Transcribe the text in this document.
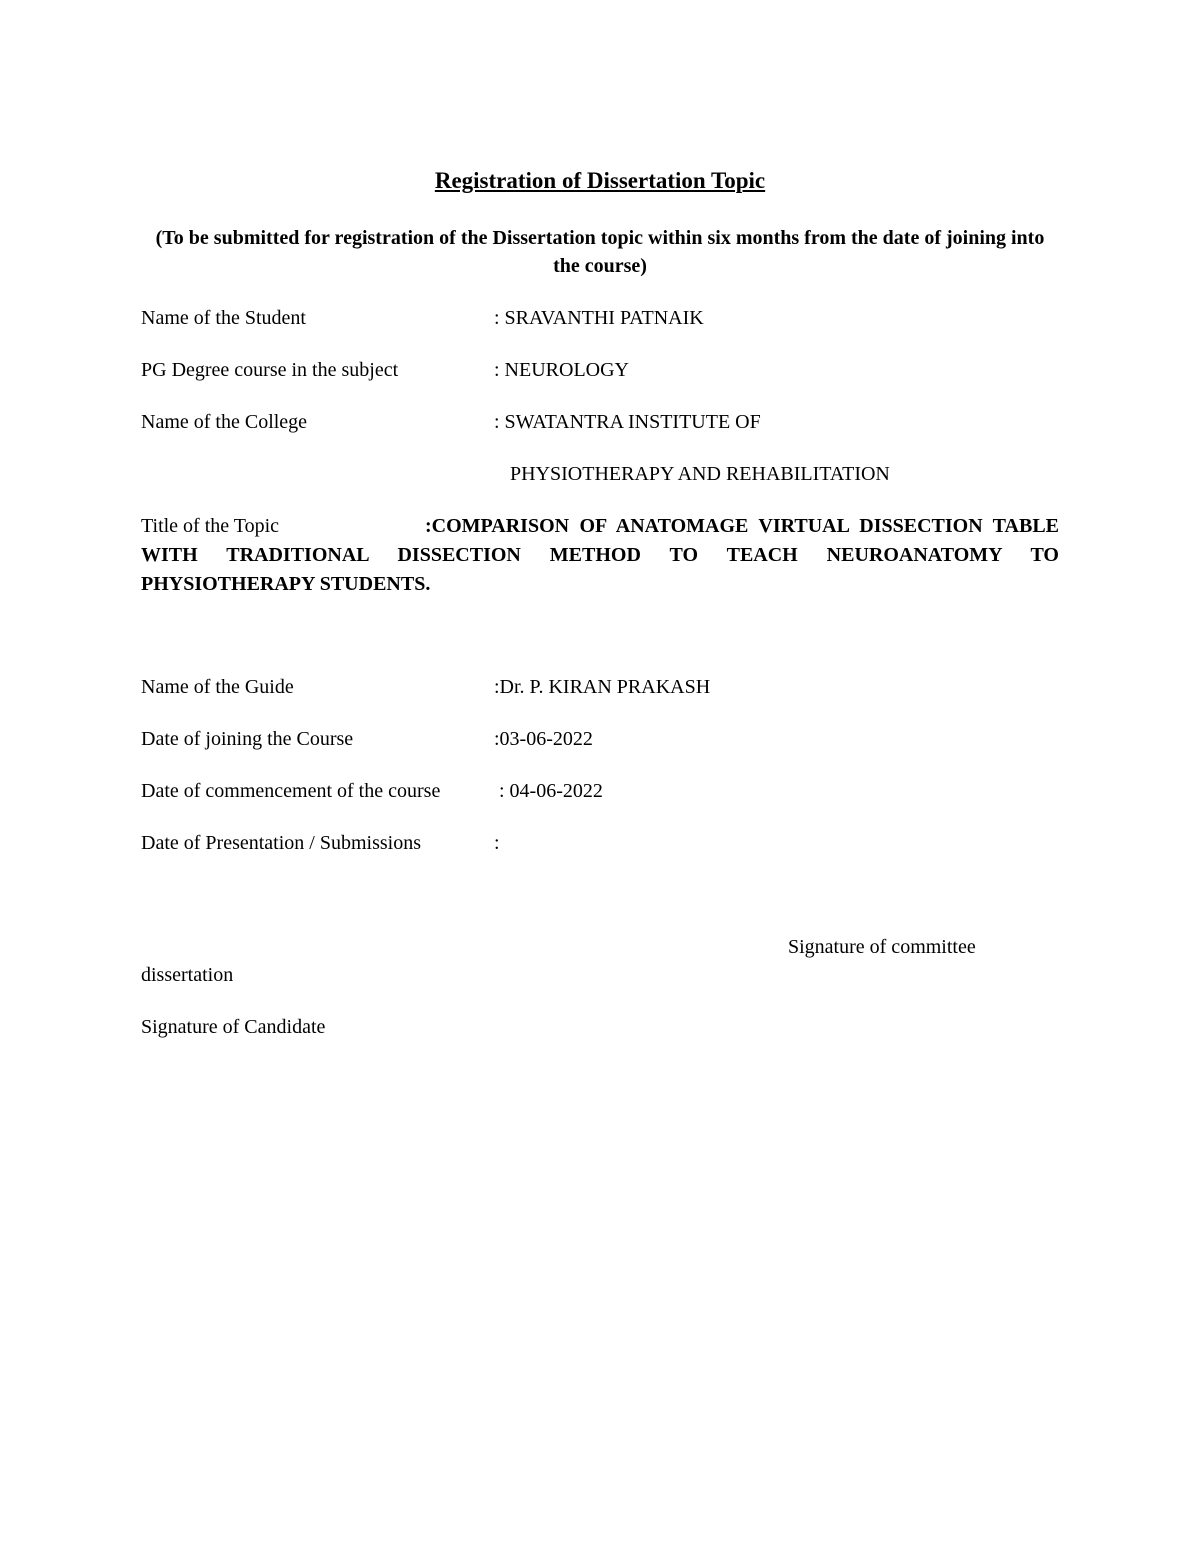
Registration of Dissertation Topic
(To be submitted for registration of the Dissertation topic within six months from the date of joining into the course)
Name of the Student	: SRAVANTHI PATNAIK
PG Degree course in the subject	: NEUROLOGY
Name of the College	: SWATANTRA INSTITUTE OF
PHYSIOTHERAPY AND REHABILITATION
Title of the Topic	:COMPARISON OF ANATOMAGE VIRTUAL DISSECTION TABLE WITH TRADITIONAL DISSECTION METHOD TO TEACH NEUROANATOMY TO PHYSIOTHERAPY STUDENTS.
Name of the Guide	:Dr. P. KIRAN PRAKASH
Date of joining the Course	:03-06-2022
Date of commencement of the course	: 04-06-2022
Date of Presentation / Submissions	:
Signature of committee
dissertation
Signature of Candidate
